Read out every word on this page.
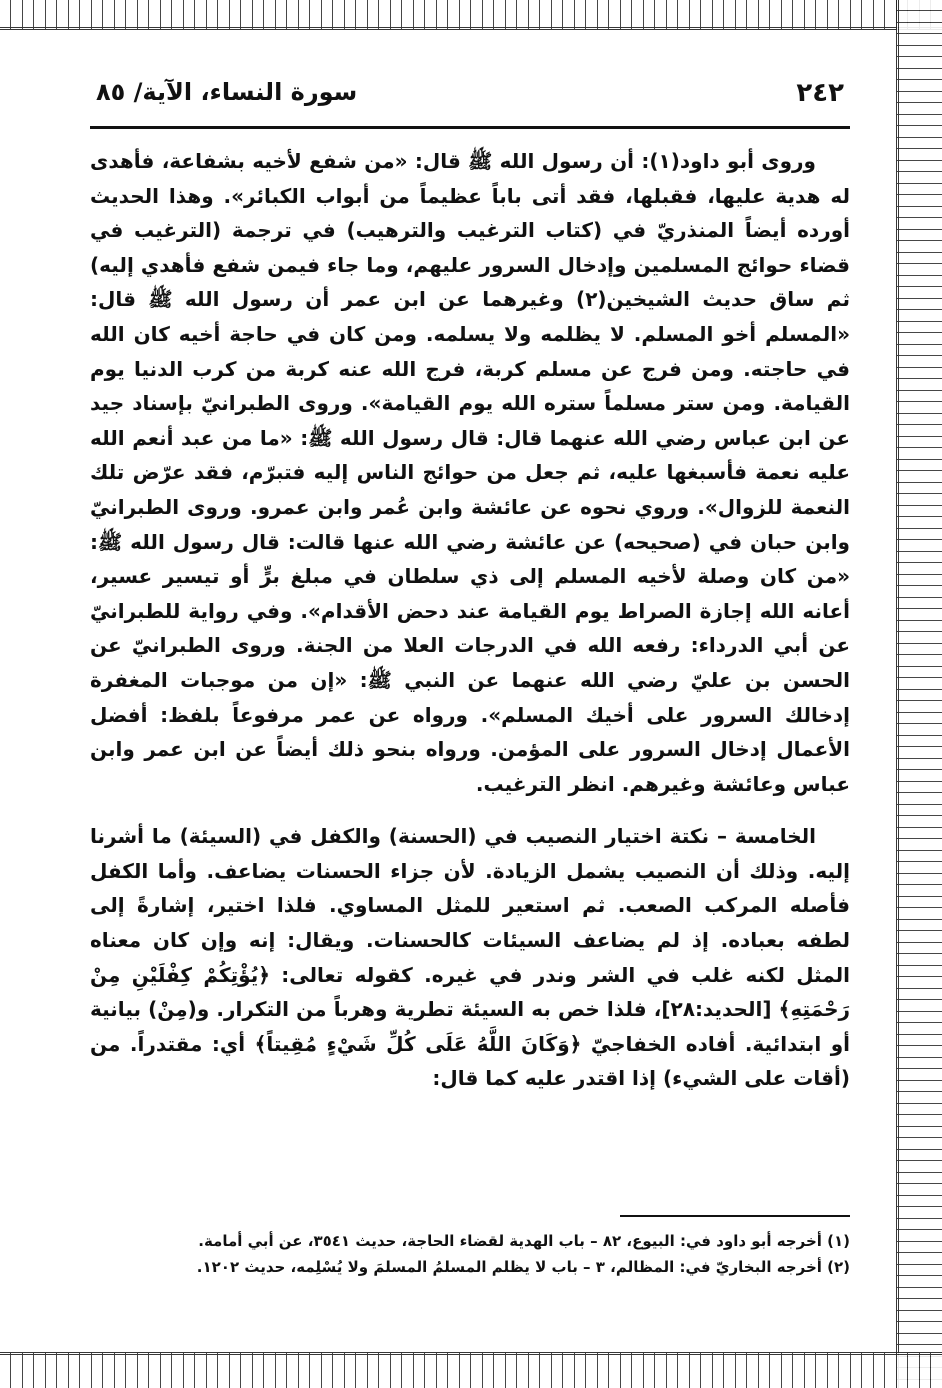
٢٤٢
سورة النساء، الآية/ ٨٥

وروى أبو داود(١): أن رسول الله ﷺ قال: «من شفع لأخيه بشفاعة، فأهدى له هدية عليها، فقبلها، فقد أتى باباً عظيماً من أبواب الكبائر». وهذا الحديث أورده أيضاً المنذريّ في (كتاب الترغيب والترهيب) في ترجمة (الترغيب في قضاء حوائج المسلمين وإدخال السرور عليهم، وما جاء فيمن شفع فأهدي إليه) ثم ساق حديث الشيخين(٢) وغيرهما عن ابن عمر أن رسول الله ﷺ قال: «المسلم أخو المسلم. لا يظلمه ولا يسلمه. ومن كان في حاجة أخيه كان الله في حاجته. ومن فرج عن مسلم كربة، فرج الله عنه كربة من كرب الدنيا يوم القيامة. ومن ستر مسلماً ستره الله يوم القيامة». وروى الطبرانيّ بإسناد جيد عن ابن عباس رضي الله عنهما قال: قال رسول الله ﷺ: «ما من عبد أنعم الله عليه نعمة فأسبغها عليه، ثم جعل من حوائج الناس إليه فتبرّم، فقد عرّض تلك النعمة للزوال». وروي نحوه عن عائشة وابن عُمر وابن عمرو. وروى الطبرانيّ وابن حبان في (صحيحه) عن عائشة رضي الله عنها قالت: قال رسول الله ﷺ: «من كان وصلة لأخيه المسلم إلى ذي سلطان في مبلغ برٍّ أو تيسير عسير، أعانه الله إجازة الصراط يوم القيامة عند دحض الأقدام». وفي رواية للطبرانيّ عن أبي الدرداء: رفعه الله في الدرجات العلا من الجنة. وروى الطبرانيّ عن الحسن بن عليّ رضي الله عنهما عن النبي ﷺ: «إن من موجبات المغفرة إدخالك السرور على أخيك المسلم». ورواه عن عمر مرفوعاً بلفظ: أفضل الأعمال إدخال السرور على المؤمن. ورواه بنحو ذلك أيضاً عن ابن عمر وابن عباس وعائشة وغيرهم. انظر الترغيب.

الخامسة – نكتة اختيار النصيب في (الحسنة) والكفل في (السيئة) ما أشرنا إليه. وذلك أن النصيب يشمل الزيادة. لأن جزاء الحسنات يضاعف. وأما الكفل فأصله المركب الصعب. ثم استعير للمثل المساوي. فلذا اختير، إشارةً إلى لطفه بعباده. إذ لم يضاعف السيئات كالحسنات. ويقال: إنه وإن كان معناه المثل لكنه غلب في الشر وندر في غيره. كقوله تعالى: ﴿يُؤْتِكُمْ كِفْلَيْنِ مِنْ رَحْمَتِهِ﴾ [الحديد:٢٨]، فلذا خص به السيئة تطرية وهرباً من التكرار. و(مِنْ) بيانية أو ابتدائية. أفاده الخفاجيّ ﴿وَكَانَ اللَّهُ عَلَى كُلِّ شَيْءٍ مُقِيتاً﴾ أي: مقتدراً. من (أقات على الشيء) إذا اقتدر عليه كما قال:

(١) أخرجه أبو داود في: البيوع، ٨٢ – باب الهدية لقضاء الحاجة، حديث ٣٥٤١، عن أبي أمامة.

(٢) أخرجه البخاريّ في: المظالم، ٣ – باب لا يظلم المسلمُ المسلمَ ولا يُسْلِمه، حديث ١٢٠٢.
